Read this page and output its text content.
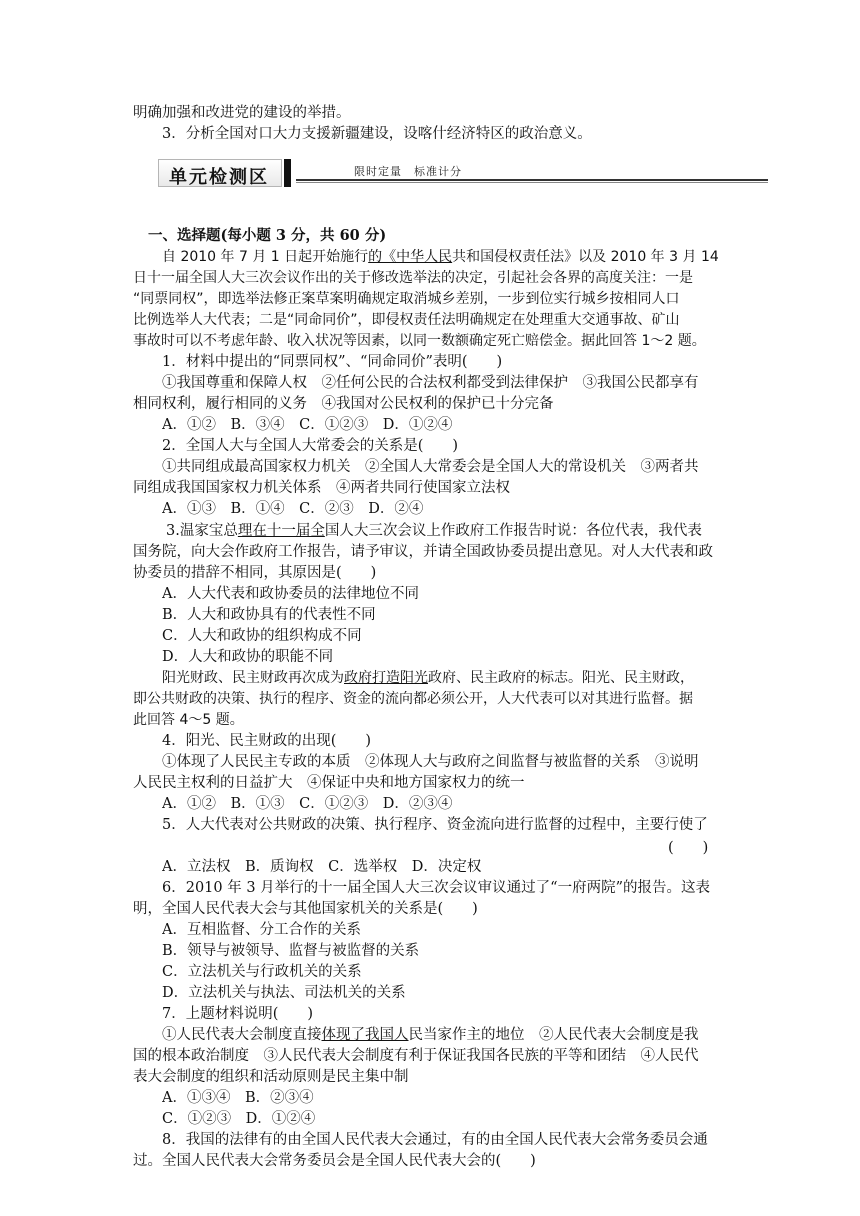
明确加强和改进党的建设的举措。
3．分析全国对口大力支援新疆建设，设喀什经济特区的政治意义。
单元检测区	限时定量　标准计分
一、选择题(每小题 3 分，共 60 分)
自 2010 年 7 月 1 日起开始施行的《中华人民共和国侵权责任法》以及 2010 年 3 月 14
日十一届全国人大三次会议作出的关于修改选举法的决定，引起社会各界的高度关注：一是
“同票同权”，即选举法修正案草案明确规定取消城乡差别，一步到位实行城乡按相同人口
比例选举人大代表；二是“同命同价”，即侵权责任法明确规定在处理重大交通事故、矿山
事故时可以不考虑年龄、收入状况等因素，以同一数额确定死亡赔偿金。据此回答 1～2 题。
1．材料中提出的“同票同权”、“同命同价”表明(　　)
①我国尊重和保障人权　②任何公民的合法权利都受到法律保护　③我国公民都享有
相同权利，履行相同的义务　④我国对公民权利的保护已十分完备
A．①②　B．③④　C．①②③　D．①②④
2．全国人大与全国人大常委会的关系是(　　)
①共同组成最高国家权力机关　②全国人大常委会是全国人大的常设机关　③两者共
同组成我国国家权力机关体系　④两者共同行使国家立法权
A．①③　B．①④　C．②③　D．②④
3.温家宝总理在十一届全国人大三次会议上作政府工作报告时说：各位代表，我代表
国务院，向大会作政府工作报告，请予审议，并请全国政协委员提出意见。对人大代表和政
协委员的措辞不相同，其原因是(　　)
A．人大代表和政协委员的法律地位不同
B．人大和政协具有的代表性不同
C．人大和政协的组织构成不同
D．人大和政协的职能不同
阳光财政、民主财政再次成为政府打造阳光政府、民主政府的标志。阳光、民主财政，
即公共财政的决策、执行的程序、资金的流向都必须公开，人大代表可以对其进行监督。据
此回答 4～5 题。
4．阳光、民主财政的出现(　　)
①体现了人民民主专政的本质　②体现人大与政府之间监督与被监督的关系　③说明
人民民主权利的日益扩大　④保证中央和地方国家权力的统一
A．①②　B．①③　C．①②③　D．②③④
5．人大代表对公共财政的决策、执行程序、资金流向进行监督的过程中，主要行使了
(　　)
A．立法权　B．质询权　C．选举权　D．决定权
6．2010 年 3 月举行的十一届全国人大三次会议审议通过了“一府两院”的报告。这表
明，全国人民代表大会与其他国家机关的关系是(　　)
A．互相监督、分工合作的关系
B．领导与被领导、监督与被监督的关系
C．立法机关与行政机关的关系
D．立法机关与执法、司法机关的关系
7．上题材料说明(　　)
①人民代表大会制度直接体现了我国人民当家作主的地位　②人民代表大会制度是我
国的根本政治制度　③人民代表大会制度有利于保证我国各民族的平等和团结　④人民代
表大会制度的组织和活动原则是民主集中制
A．①③④　B．②③④
C．①②③　D．①②④
8．我国的法律有的由全国人民代表大会通过，有的由全国人民代表大会常务委员会通
过。全国人民代表大会常务委员会是全国人民代表大会的(　　)
